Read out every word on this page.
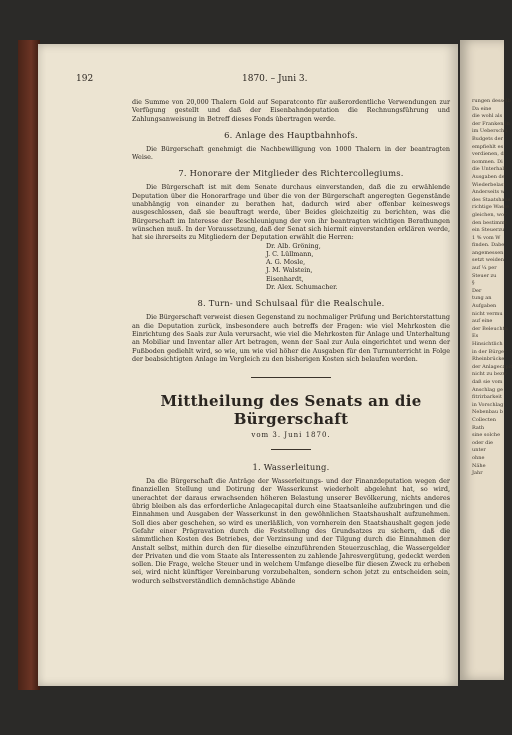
192	1870. – Juni 3.

die Summe von 20,000 Thalern Gold auf Separatconto für außerordentliche Verwendungen zur Verfügung gestellt und daß der Eisenbahndeputation die Rechnungsführung und Zahlungsanweisung in Betreff dieses Fonds übertragen werde.

6. Anlage des Hauptbahnhofs.

Die Bürgerschaft genehmigt die Nachbewilligung von 1000 Thalern in der beantragten Weise.

7. Honorare der Mitglieder des Richtercollegiums.

Die Bürgerschaft ist mit dem Senate durchaus einverstanden, daß die zu erwählende Deputation über die Honorarfrage und über die von der Bürgerschaft angeregten Gegenstände unabhängig von einander zu berathen hat, dadurch wird aber offenbar keineswegs ausgeschlossen, daß sie beauftragt werde, über Beides gleichzeitig zu berichten, was die Bürgerschaft im Interesse der Beschleunigung der von ihr beantragten wichtigen Berathungen wünschen muß. In der Voraussetzung, daß der Senat sich hiermit einverstanden erklären werde, hat sie ihrerseits zu Mitgliedern der Deputation erwählt die Herren:

Dr. Alb. Gröning,
J. C. Lüllmann,
A. G. Mosle,
J. M. Walstein,
Eisenhardt,
Dr. Alex. Schumacher.
8. Turn- und Schulsaal für die Realschule.

Die Bürgerschaft verweist diesen Gegenstand zu nochmaliger Prüfung und Berichterstattung an die Deputation zurück, insbesondere auch betreffs der Fragen: wie viel Mehrkosten die Einrichtung des Saals zur Aula verursacht, wie viel die Mehrkosten für Anlage und Unterhaltung an Mobiliar und Inventar aller Art betragen, wenn der Saal zur Aula eingerichtet und wenn der Fußboden gediehlt wird, so wie, um wie viel höher die Ausgaben für den Turnunterricht in Folge der beabsichtigten Anlage im Vergleich zu den bisherigen Kosten sich belaufen werden.

Mittheilung des Senats an die Bürgerschaft
vom 3. Juni 1870.
1. Wasserleitung.

Da die Bürgerschaft die Anträge der Wasserleitungs- und der Finanzdeputation wegen der finanziellen Stellung und Dotirung der Wasserkunst wiederholt abgelehnt hat, so wird, unerachtet der daraus erwachsenden höheren Belastung unserer Bevölkerung, nichts anderes übrig bleiben als das erforderliche Anlagecapital durch eine Staatsanleihe aufzubringen und die Einnahmen und Ausgaben der Wasserkunst in den gewöhnlichen Staatshaushalt aufzunehmen. Soll dies aber geschehen, so wird es unerläßlich, von vornherein den Staatshaushalt gegen jede Gefahr einer Prägravation durch die Feststellung des Grundsatzes zu sichern, daß die sämmtlichen Kosten des Betriebes, der Verzinsung und der Tilgung durch die Einnahmen der Anstalt selbst, mithin durch den für dieselbe einzuführenden Steuerzuschlag, die Wassergelder der Privaten und die vom Staate als Interessenten zu zahlende Jahresvergütung, gedeckt werden sollen. Die Frage, welche Steuer und in welchem Umfange dieselbe für diesen Zweck zu erheben sei, wird nicht künftiger Vereinbarung vorzubehalten, sondern schon jetzt zu entscheiden sein, wodurch selbstverständlich demnächstige Abände

rungen desselb
Da eine
die wohl als
der Franken in
im Ueberschu
Budgets der
empfiehlt es
verdienen, di
nommen. Di
die Unterhalt
Ausgaben de
Wiederbelast
Anderseits w
des Staatshaus
richtige Wasse
gleichen, wor
den bestimmt
ein Steuerzu
1 % vom W
finden. Dabe
angemessen
setzt weiden
auf ¼ per
Steuer zu
§
Der
tung an
Aufgaben
nicht vermu
auf eine
der Beleuchtu
Es
Hinsichtlich
in der Bürger
Rheinbrücke
der Anlagecapit
nicht zu bezw
daß sie vom
Anschlag ge
fitrirbarkeit
in Vorschlag
Nebenbau b
Collecten
Rath
sine solche
oder die
unter
ohne
Nähe
Jahr
